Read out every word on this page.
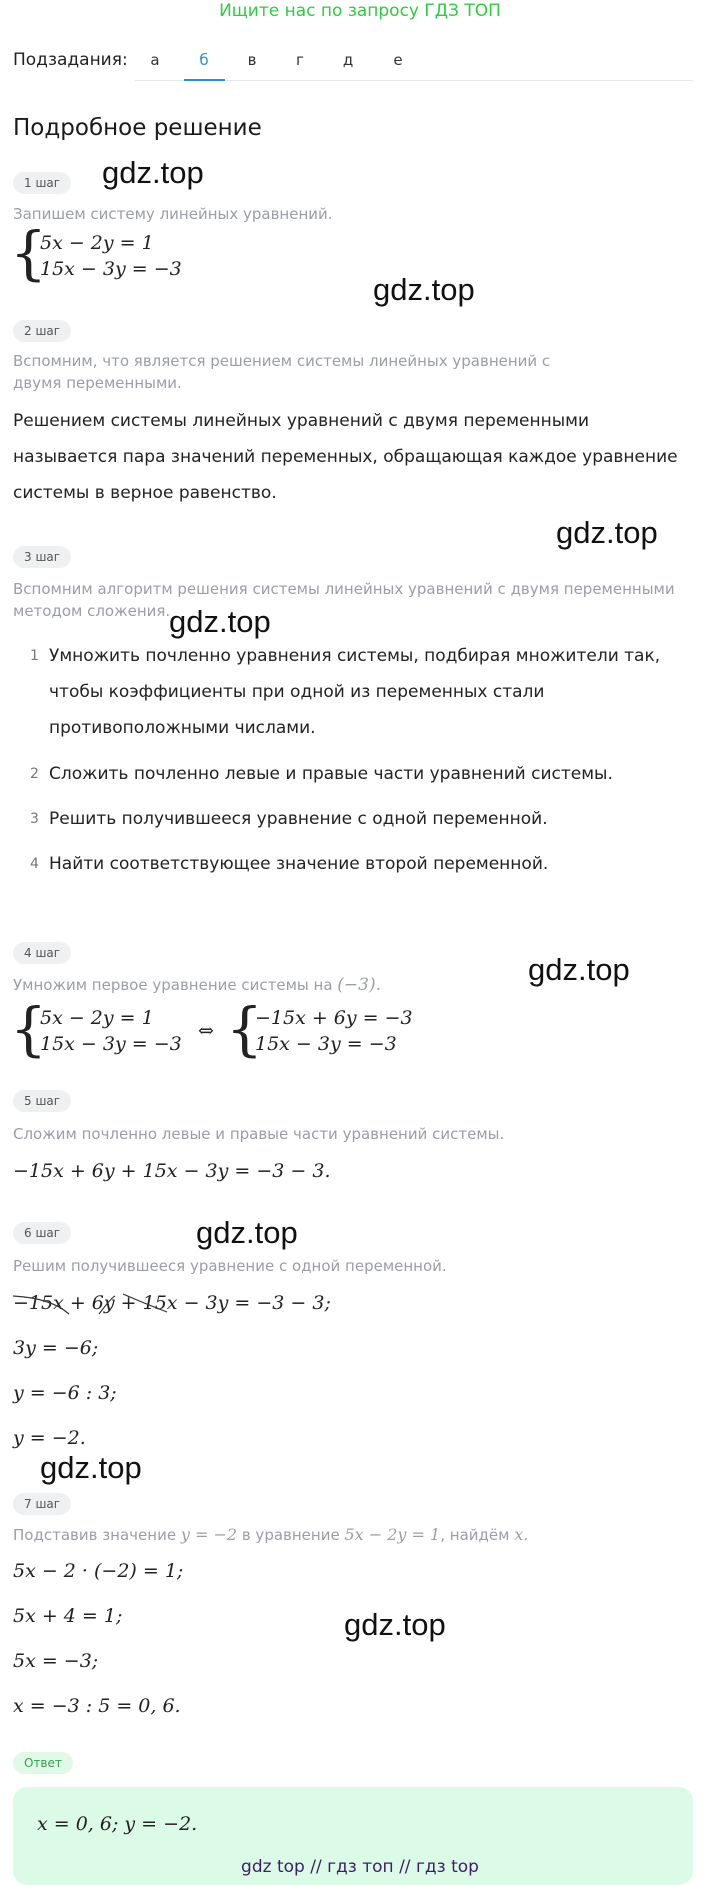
Ищите нас по запросу ГДЗ ТОП
Подзадания:	а	б	в	г	д	е
Подробное решение
1 шаг	gdz.top
Запишем систему линейных уравнений.
{
5x − 2y = 1
15x − 3y = −3
gdz.top
2 шаг
Вспомним, что является решением системы линейных уравнений с двумя переменными.
Решением системы линейных уравнений с двумя переменными называется пара значений переменных, обращающая каждое уравнение системы в верное равенство.
gdz.top
3 шаг
Вспомним алгоритм решения системы линейных уравнений с двумя переменными методом сложения.
gdz.top
1 Умножить почленно уравнения системы, подбирая множители так, чтобы коэффициенты при одной из переменных стали противоположными числами.
2 Сложить почленно левые и правые части уравнений системы.
3 Решить получившееся уравнение с одной переменной.
4 Найти соответствующее значение второй переменной.
4 шаг	gdz.top
Умножим первое уравнение системы на (−3).
{
5x − 2y = 1
15x − 3y = −3
⇔ {
−15x + 6y = −3
15x − 3y = −3
5 шаг
Сложим почленно левые и правые части уравнений системы.
−15x + 6y + 15x − 3y = −3 − 3.
6 шаг	gdz.top
Решим получившееся уравнение с одной переменной.
−15x + 6y + 15x
− 3y = −3 − 3;
3y = −6;
y = −6 : 3;
y = −2.
gdz.top
7 шаг
Подставив значение y = −2 в уравнение 5x − 2y = 1, найдём x.
5x − 2 · (−2) = 1;
5x + 4 = 1;	gdz.top
5x = −3;
x = −3 : 5 = 0, 6.
Ответ
x = 0, 6; y = −2.
gdz top // гдз топ // гдз top
